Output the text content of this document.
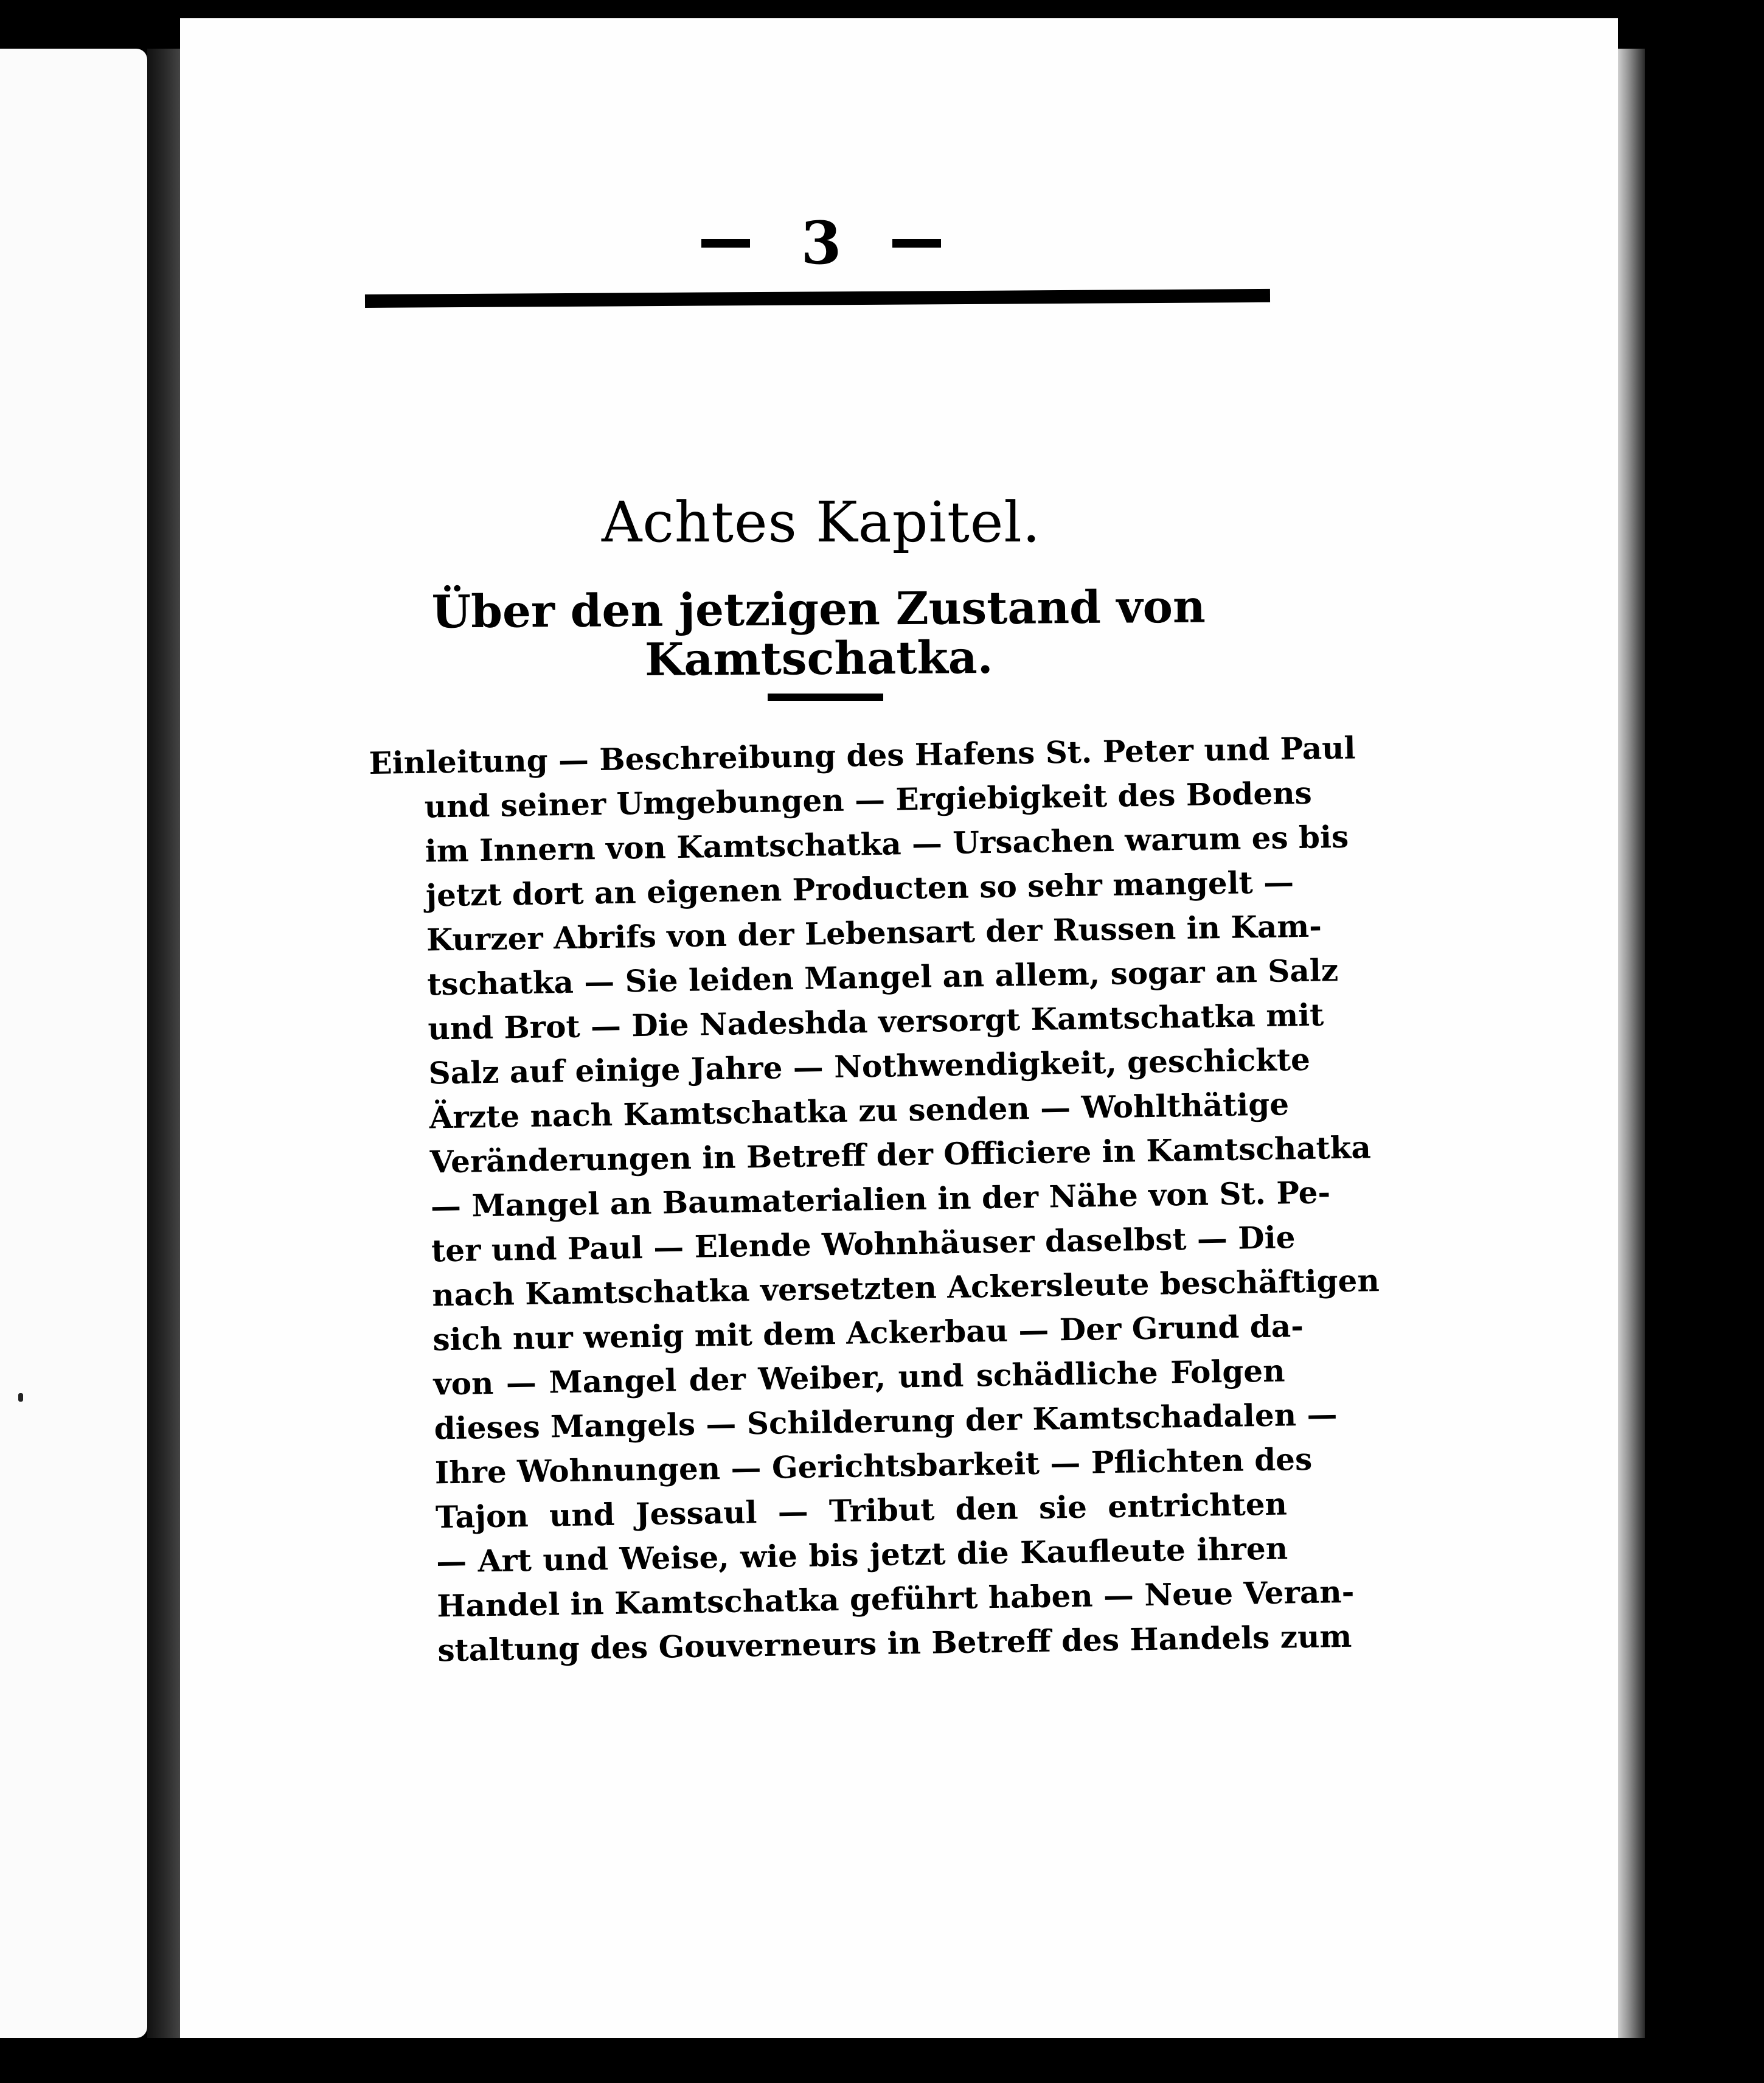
3
Achtes Kapitel.
Über den jetzigen Zustand von Kamtschatka.
Einleitung — Beschreibung des Hafens St. Peter und Paul
und seiner Umgebungen — Ergiebigkeit des Bodens
im Innern von Kamtschatka — Ursachen warum es bis
jetzt dort an eigenen Producten so sehr mangelt —
Kurzer Abrifs von der Lebensart der Russen in Kam-
tschatka — Sie leiden Mangel an allem, sogar an Salz
und Brot — Die Nadeshda versorgt Kamtschatka mit
Salz auf einige Jahre — Nothwendigkeit, geschickte
Ärzte nach Kamtschatka zu senden — Wohlthätige
Veränderungen in Betreff der Officiere in Kamtschatka
— Mangel an Baumaterialien in der Nähe von St. Pe-
ter und Paul — Elende Wohnhäuser daselbst — Die
nach Kamtschatka versetzten Ackersleute beschäftigen
sich nur wenig mit dem Ackerbau — Der Grund da-
von — Mangel der Weiber, und schädliche Folgen
dieses Mangels — Schilderung der Kamtschadalen —
Ihre Wohnungen — Gerichtsbarkeit — Pflichten des
Tajon und Jessaul — Tribut den sie entrichten
— Art und Weise, wie bis jetzt die Kaufleute ihren
Handel in Kamtschatka geführt haben — Neue Veran-
staltung des Gouverneurs in Betreff des Handels zum
